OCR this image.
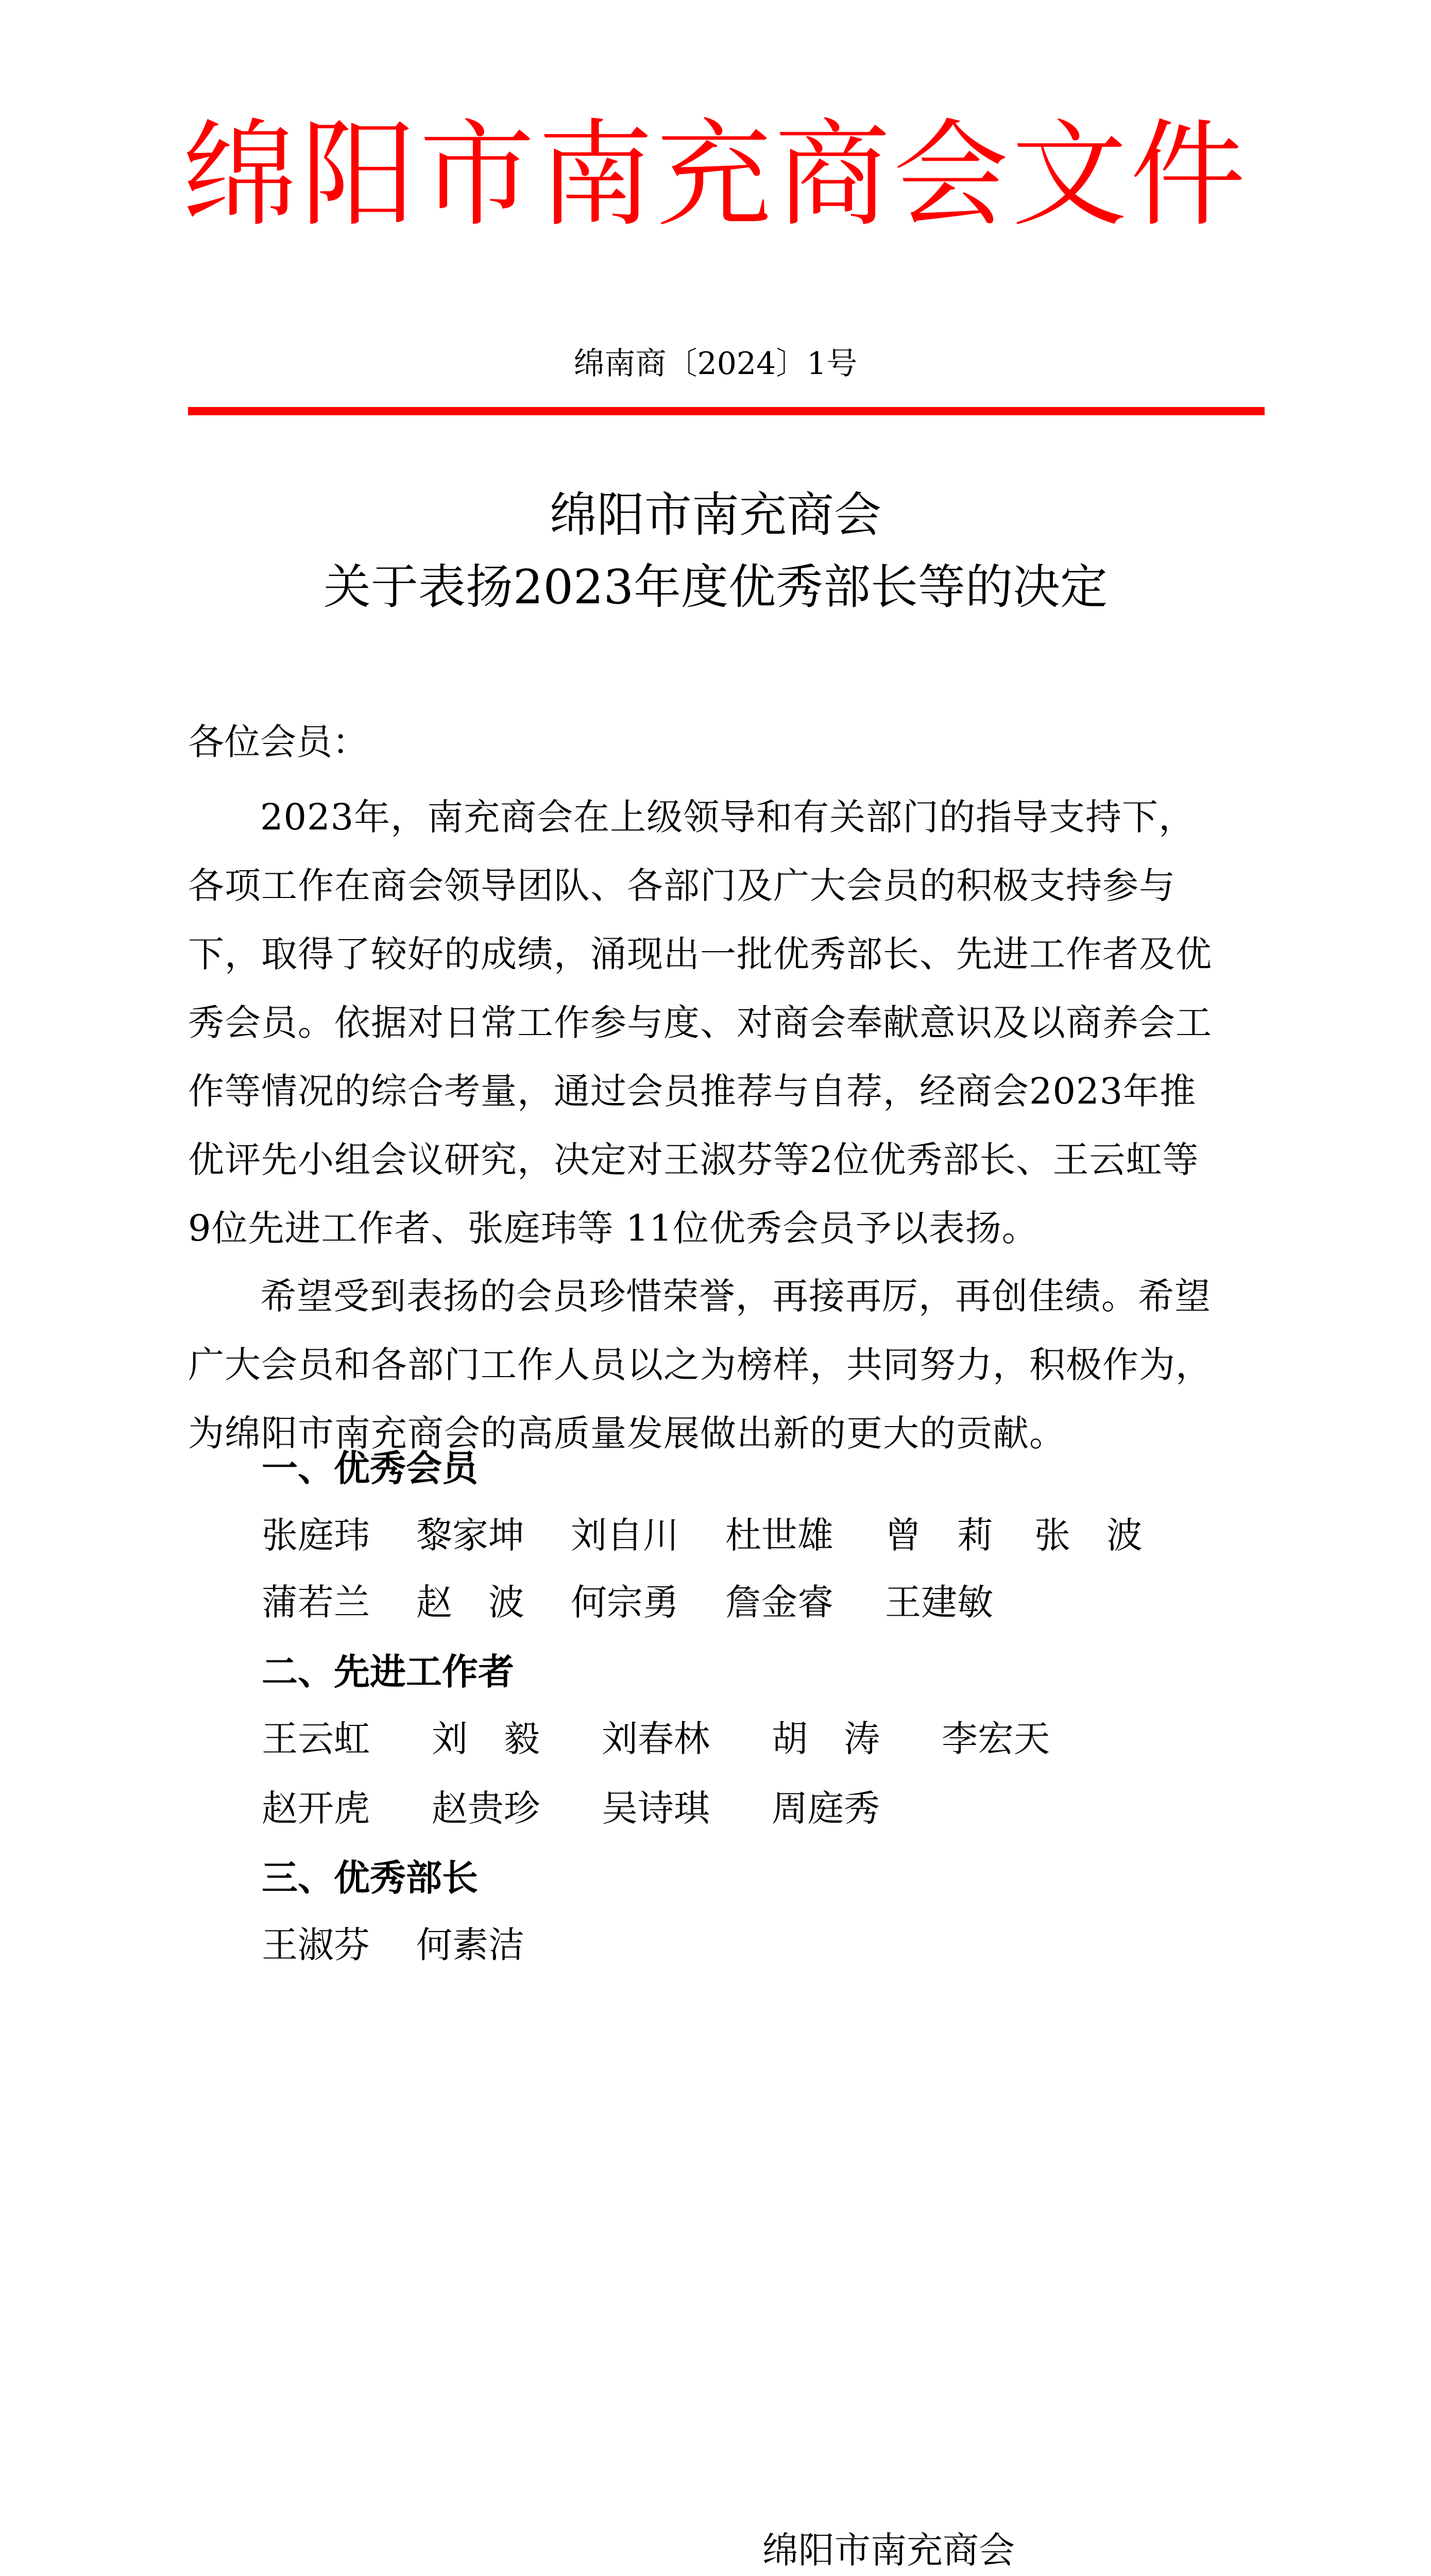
绵阳市南充商会文件
绵南商〔2024〕1号
绵阳市南充商会
关于表扬2023年度优秀部长等的决定
各位会员：
2023年，南充商会在上级领导和有关部门的指导支持下，
各项工作在商会领导团队、各部门及广大会员的积极支持参与
下，取得了较好的成绩，涌现出一批优秀部长、先进工作者及优
秀会员。依据对日常工作参与度、对商会奉献意识及以商养会工
作等情况的综合考量，通过会员推荐与自荐，经商会2023年推
优评先小组会议研究，决定对王淑芬等2位优秀部长、王云虹等
9位先进工作者、张庭玮等 11位优秀会员予以表扬。
希望受到表扬的会员珍惜荣誉，再接再厉，再创佳绩。希望
广大会员和各部门工作人员以之为榜样，共同努力，积极作为，
为绵阳市南充商会的高质量发展做出新的更大的贡献。
一、优秀会员
张庭玮 黎家坤 刘自川 杜世雄 曾　莉 张　波
蒲若兰 赵　波 何宗勇 詹金睿 王建敏
二、先进工作者
王云虹 刘　毅 刘春林 胡　涛 李宏天
赵开虎 赵贵珍 吴诗琪 周庭秀
三、优秀部长
王淑芬 何素洁
绵阳市南充商会
